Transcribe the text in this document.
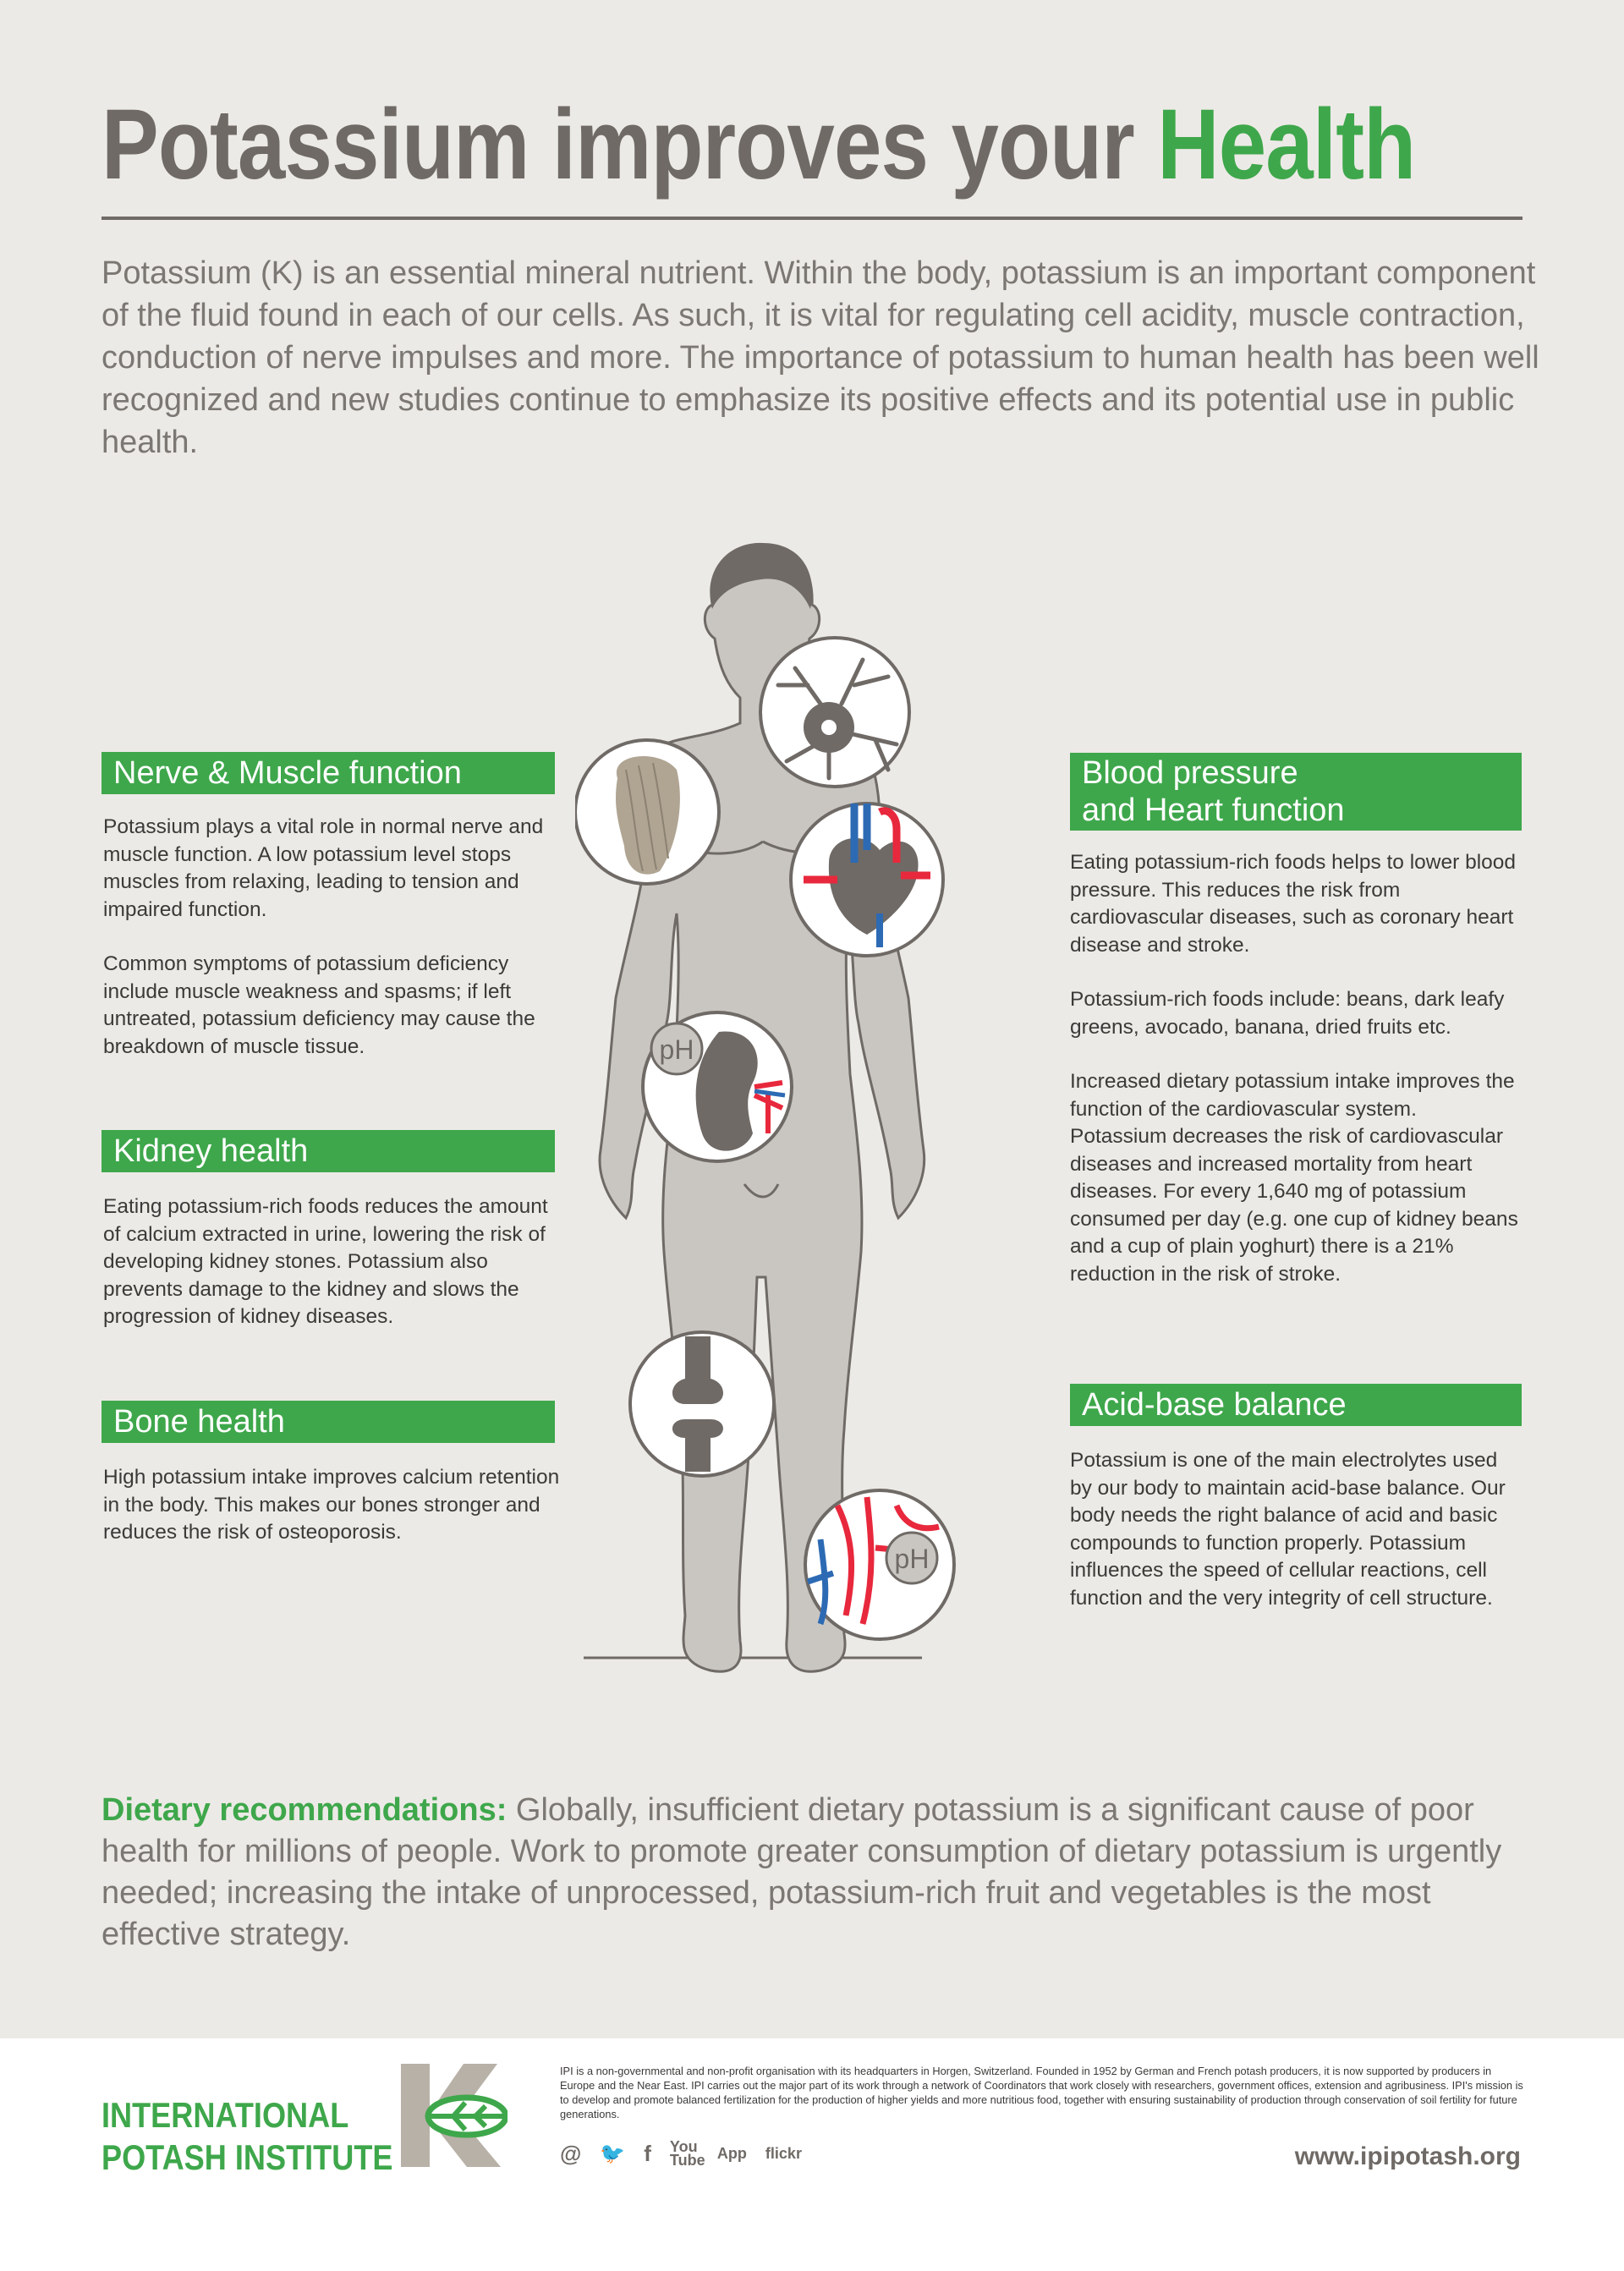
Potassium improves your Health
Potassium (K) is an essential mineral nutrient. Within the body, potassium is an important component of the fluid found in each of our cells. As such, it is vital for regulating cell acidity, muscle contraction, conduction of nerve impulses and more. The importance of potassium to human health has been well recognized and new studies continue to emphasize its positive effects and its potential use in public health.
Nerve & Muscle function

Potassium plays a vital role in normal nerve and muscle function. A low potassium level stops muscles from relaxing, leading to tension and impaired function.

Common symptoms of potassium deficiency include muscle weakness and spasms; if left untreated, potassium deficiency may cause the breakdown of muscle tissue.

Kidney health

Eating potassium-rich foods reduces the amount of calcium extracted in urine, lowering the risk of developing kidney stones. Potassium also prevents damage to the kidney and slows the progression of kidney diseases.

Bone health

High potassium intake improves calcium retention in the body. This makes our bones stronger and reduces the risk of osteoporosis.

Blood pressure
and Heart function

Eating potassium-rich foods helps to lower blood pressure. This reduces the risk from cardiovascular diseases, such as coronary heart disease and stroke.

Potassium-rich foods include: beans, dark leafy greens, avocado, banana, dried fruits etc.

Increased dietary potassium intake improves the function of the cardiovascular system. Potassium decreases the risk of cardiovascular diseases and increased mortality from heart diseases. For every 1,640 mg of potassium consumed per day (e.g. one cup of kidney beans and a cup of plain yoghurt) there is a 21% reduction in the risk of stroke.

Acid-base balance

Potassium is one of the main electrolytes used by our body to maintain acid-base balance. Our body needs the right balance of acid and basic compounds to function properly. Potassium influences the speed of cellular reactions, cell function and the very integrity of cell structure.

pH
pH
Dietary recommendations: Globally, insufficient dietary potassium is a significant cause of poor health for millions of people. Work to promote greater consumption of dietary potassium is urgently needed; increasing the intake of unprocessed, potassium-rich fruit and vegetables is the most effective strategy.
INTERNATIONAL
POTASH INSTITUTE
IPI is a non-governmental and non-profit organisation with its headquarters in Horgen, Switzerland. Founded in 1952 by German and French potash producers, it is now supported by producers in Europe and the Near East. IPI carries out the major part of its work through a network of Coordinators that work closely with researchers, government offices, extension and agribusiness. IPI's mission is to develop and promote balanced fertilization for the production of higher yields and more nutritious food, together with ensuring sustainability of production through conservation of soil fertility for future generations.
@ 🐦 f You Tube App flickr	www.ipipotash.org
